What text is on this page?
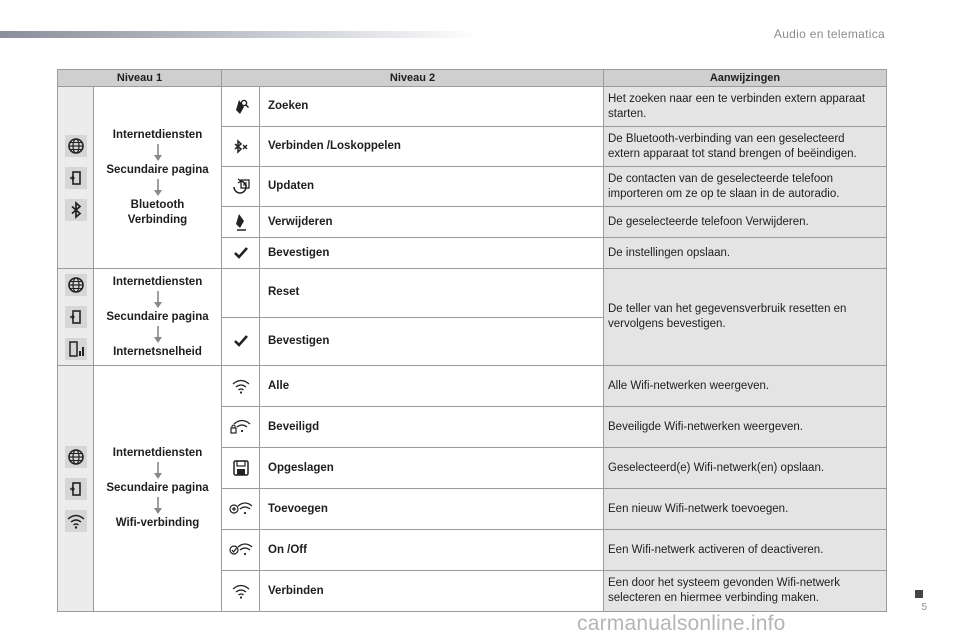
Audio en telematica
Niveau 1		Niveau 2		Aanwijzingen

Internetdiensten
Secundaire pagina
Bluetooth Verbinding		Zoeken	Het zoeken naar een te verbinden extern apparaat starten.

	Verbinden /Loskoppelen	De Bluetooth-verbinding van een geselecteerd extern apparaat tot stand brengen of beëindigen.

	Updaten	De contacten van de geselecteerde telefoon importeren om ze op te slaan in de autoradio.

	Verwijderen	De geselecteerde telefoon Verwijderen.

	Bevestigen	De instellingen opslaan.

Internetdiensten
Secundaire pagina
Internetsnelheid		Reset	De teller van het gegevensverbruik resetten en vervolgens bevestigen.

	Bevestigen	

Internetdiensten
Secundaire pagina
Wifi-verbinding		Alle	Alle Wifi-netwerken weergeven.

	Beveiligd	Beveiligde Wifi-netwerken weergeven.

	Opgeslagen	Geselecteerd(e) Wifi-netwerk(en) opslaan.

	Toevoegen	Een nieuw Wifi-netwerk toevoegen.

	On /Off	Een Wifi-netwerk activeren of deactiveren.

	Verbinden	Een door het systeem gevonden Wifi-netwerk selecteren en hiermee verbinding maken.
5
carmanualsonline.info
